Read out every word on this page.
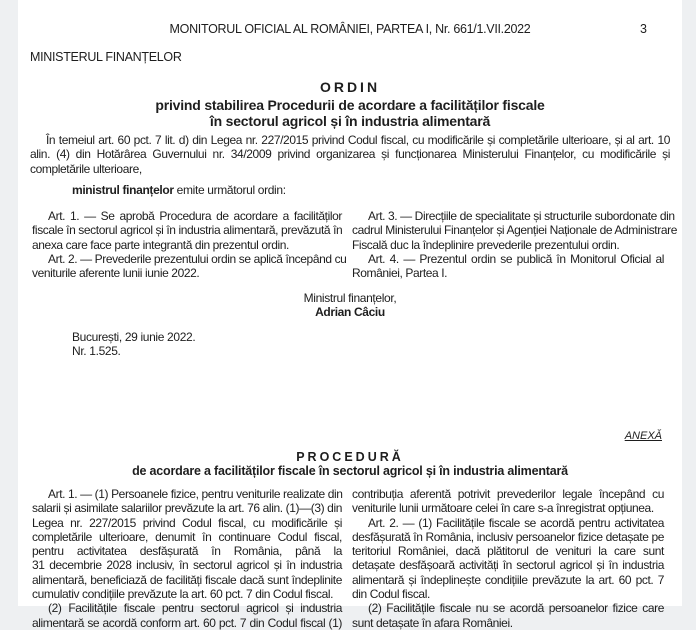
MONITORUL OFICIAL AL ROMÂNIEI, PARTEA I, Nr. 661/1.VII.2022	3
MINISTERUL FINANȚELOR
ORDIN
privind stabilirea Procedurii de acordare a facilităților fiscale
în sectorul agricol și în industria alimentară
În temeiul art. 60 pct. 7 lit. d) din Legea nr. 227/2015 privind Codul fiscal, cu modificările și completările ulterioare, și al art. 10
alin. (4) din Hotărârea Guvernului nr. 34/2009 privind organizarea și funcționarea Ministerului Finanțelor, cu modificările și
completările ulterioare,
ministrul finanțelor emite următorul ordin:
Art. 1. — Se aprobă Procedura de acordare a facilităților
fiscale în sectorul agricol și în industria alimentară, prevăzută în
anexa care face parte integrantă din prezentul ordin.
Art. 2. — Prevederile prezentului ordin se aplică începând cu
veniturile aferente lunii iunie 2022.
Art. 3. — Direcțiile de specialitate și structurile subordonate din
cadrul Ministerului Finanțelor și Agenției Naționale de Administrare
Fiscală duc la îndeplinire prevederile prezentului ordin.
Art. 4. — Prezentul ordin se publică în Monitorul Oficial al
României, Partea I.
Ministrul finanțelor,
Adrian Câciu
București, 29 iunie 2022.
Nr. 1.525.
ANEXĂ
PROCEDURĂ
de acordare a facilităților fiscale în sectorul agricol și în industria alimentară
Art. 1. — (1) Persoanele fizice, pentru veniturile realizate din
salarii și asimilate salariilor prevăzute la art. 76 alin. (1)—(3) din
Legea nr. 227/2015 privind Codul fiscal, cu modificările și
completările ulterioare, denumit în continuare Codul fiscal,
pentru activitatea desfășurată în România, până la
31 decembrie 2028 inclusiv, în sectorul agricol și în industria
alimentară, beneficiază de facilități fiscale dacă sunt îndeplinite
cumulativ condițiile prevăzute la art. 60 pct. 7 din Codul fiscal.
(2) Facilitățile fiscale pentru sectorul agricol și industria
alimentară se acordă conform art. 60 pct. 7 din Codul fiscal (1)
contribuția aferentă potrivit prevederilor legale începând cu
veniturile lunii următoare celei în care s-a înregistrat opțiunea.
Art. 2. — (1) Facilitățile fiscale se acordă pentru activitatea
desfășurată în România, inclusiv persoanelor fizice detașate pe
teritoriul României, dacă plătitorul de venituri la care sunt
detașate desfășoară activități în sectorul agricol și în industria
alimentară și îndeplinește condițiile prevăzute la art. 60 pct. 7
din Codul fiscal.
(2) Facilitățile fiscale nu se acordă persoanelor fizice care
sunt detașate în afara României.
